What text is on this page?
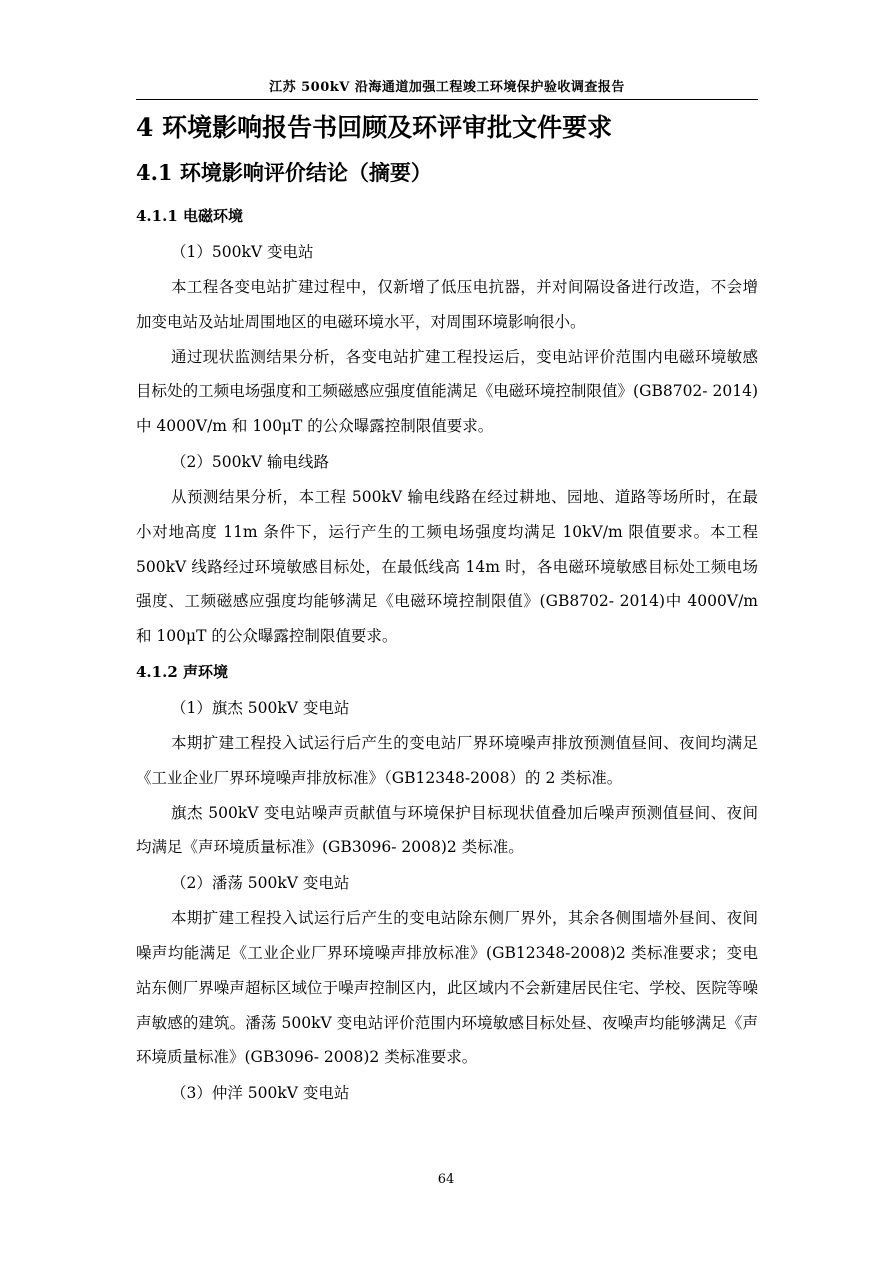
江苏 500kV 沿海通道加强工程竣工环境保护验收调查报告
4 环境影响报告书回顾及环评审批文件要求
4.1 环境影响评价结论（摘要）
4.1.1 电磁环境
（1）500kV 变电站

本工程各变电站扩建过程中，仅新增了低压电抗器，并对间隔设备进行改造，不会增加变电站及站址周围地区的电磁环境水平，对周围环境影响很小。

通过现状监测结果分析，各变电站扩建工程投运后，变电站评价范围内电磁环境敏感目标处的工频电场强度和工频磁感应强度值能满足《电磁环境控制限值》(GB8702- 2014)中 4000V/m 和 100μT 的公众曝露控制限值要求。

（2）500kV 输电线路

从预测结果分析，本工程 500kV 输电线路在经过耕地、园地、道路等场所时，在最小对地高度 11m 条件下，运行产生的工频电场强度均满足 10kV/m 限值要求。本工程 500kV 线路经过环境敏感目标处，在最低线高 14m 时，各电磁环境敏感目标处工频电场强度、工频磁感应强度均能够满足《电磁环境控制限值》(GB8702- 2014)中 4000V/m 和 100μT 的公众曝露控制限值要求。

4.1.2 声环境
（1）旗杰 500kV 变电站

本期扩建工程投入试运行后产生的变电站厂界环境噪声排放预测值昼间、夜间均满足《工业企业厂界环境噪声排放标准》（GB12348-2008）的 2 类标准。

旗杰 500kV 变电站噪声贡献值与环境保护目标现状值叠加后噪声预测值昼间、夜间均满足《声环境质量标准》(GB3096- 2008)2 类标准。

（2）潘荡 500kV 变电站

本期扩建工程投入试运行后产生的变电站除东侧厂界外，其余各侧围墙外昼间、夜间噪声均能满足《工业企业厂界环境噪声排放标准》(GB12348-2008)2 类标准要求；变电站东侧厂界噪声超标区域位于噪声控制区内，此区域内不会新建居民住宅、学校、医院等噪声敏感的建筑。潘荡 500kV 变电站评价范围内环境敏感目标处昼、夜噪声均能够满足《声环境质量标准》(GB3096- 2008)2 类标准要求。

（3）仲洋 500kV 变电站
64
